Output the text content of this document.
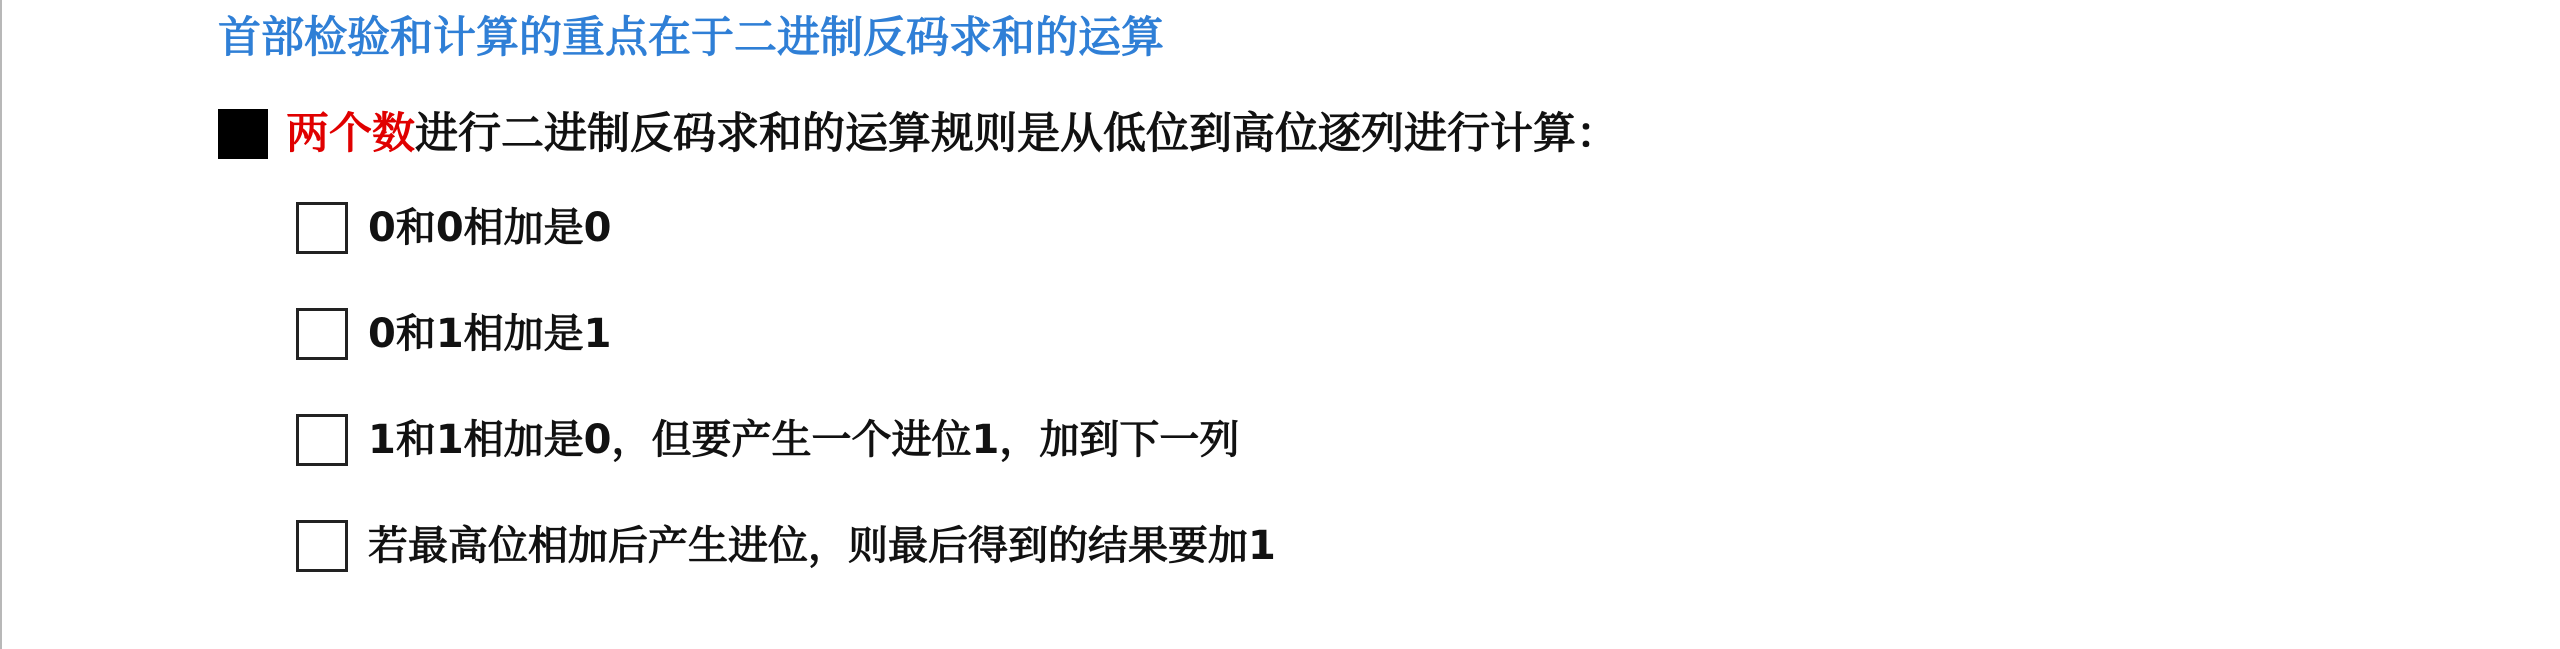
首部检验和计算的重点在于二进制反码求和的运算
两个数进行二进制反码求和的运算规则是从低位到高位逐列进行计算：
0和0相加是0
0和1相加是1
1和1相加是0，但要产生一个进位1，加到下一列
若最高位相加后产生进位，则最后得到的结果要加1
